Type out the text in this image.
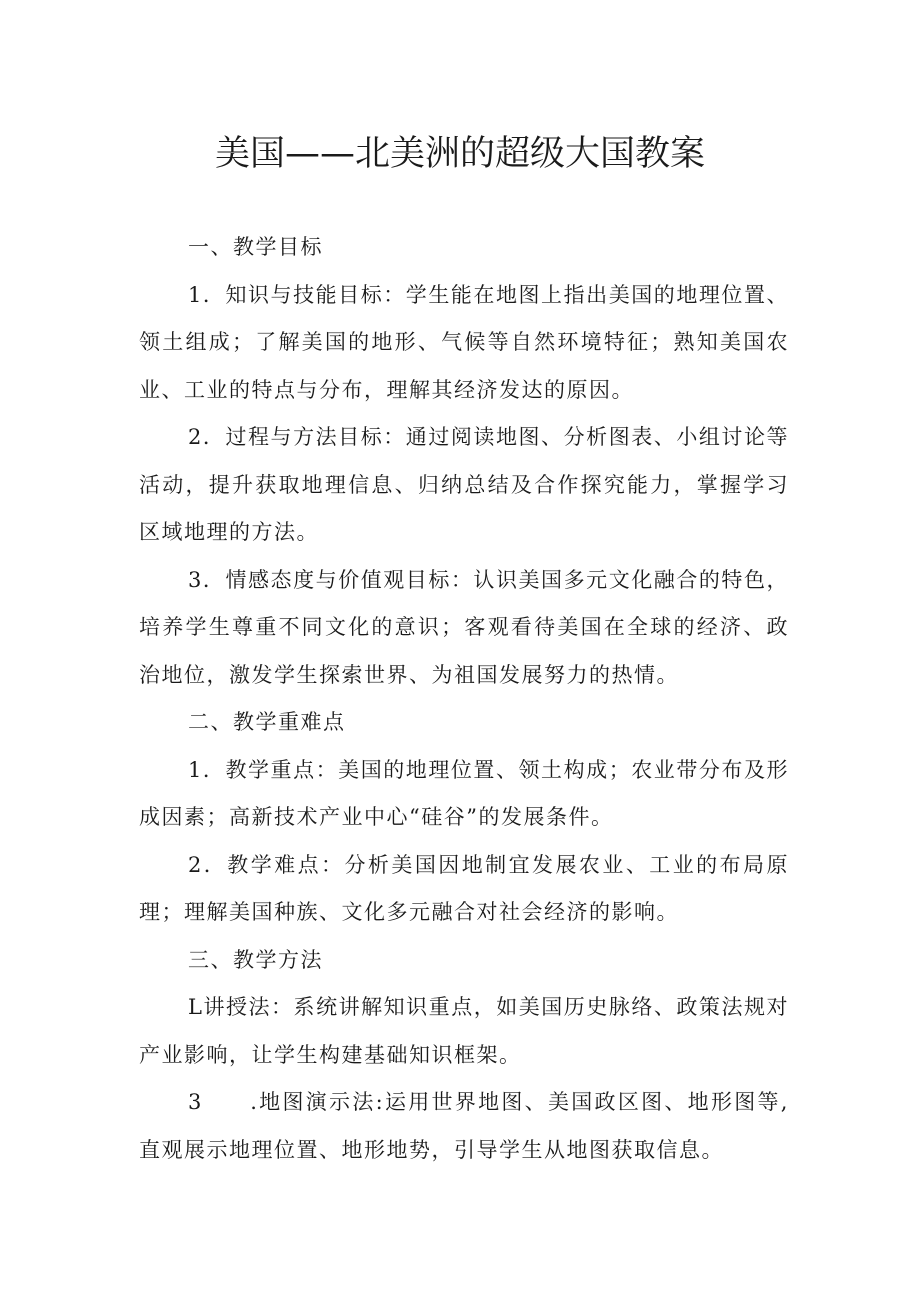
美国——北美洲的超级大国教案
一、教学目标

1．知识与技能目标：学生能在地图上指出美国的地理位置、领土组成；了解美国的地形、气候等自然环境特征；熟知美国农业、工业的特点与分布，理解其经济发达的原因。

2．过程与方法目标：通过阅读地图、分析图表、小组讨论等活动，提升获取地理信息、归纳总结及合作探究能力，掌握学习区域地理的方法。

3．情感态度与价值观目标：认识美国多元文化融合的特色，培养学生尊重不同文化的意识；客观看待美国在全球的经济、政治地位，激发学生探索世界、为祖国发展努力的热情。

二、教学重难点

1．教学重点：美国的地理位置、领土构成；农业带分布及形成因素；高新技术产业中心“硅谷”的发展条件。

2．教学难点：分析美国因地制宜发展农业、工业的布局原理；理解美国种族、文化多元融合对社会经济的影响。

三、教学方法

L讲授法：系统讲解知识重点，如美国历史脉络、政策法规对产业影响，让学生构建基础知识框架。

3　　.地图演示法:运用世界地图、美国政区图、地形图等,直观展示地理位置、地形地势，引导学生从地图获取信息。
